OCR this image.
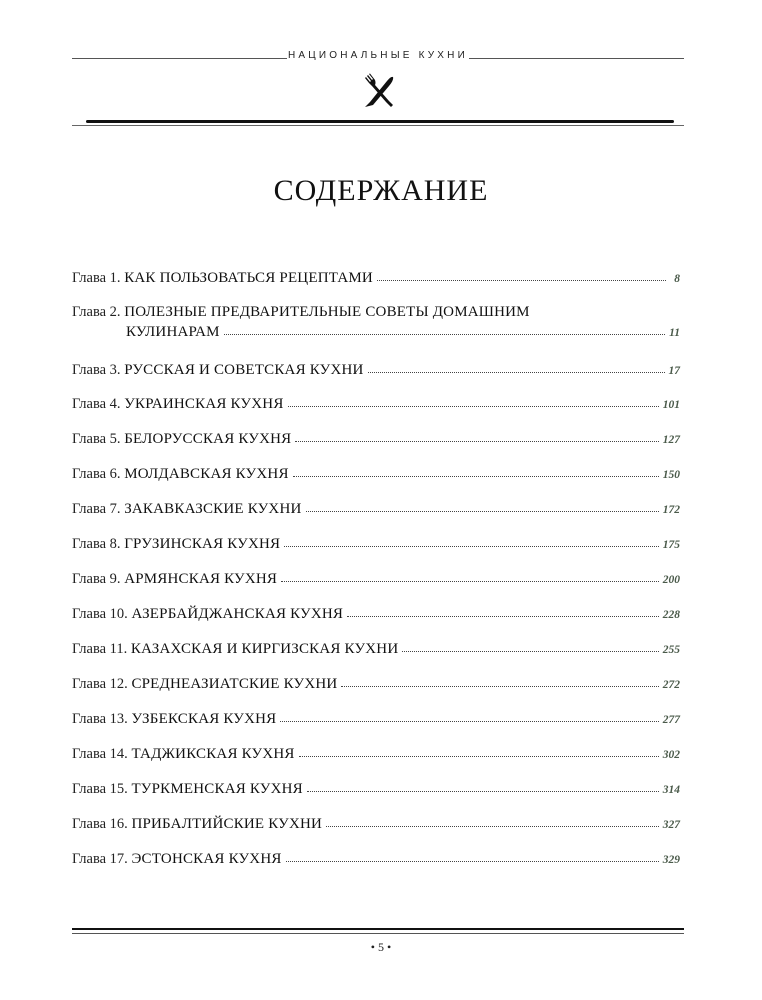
НАЦИОНАЛЬНЫЕ КУХНИ
СОДЕРЖАНИЕ
Глава 1.
КАК ПОЛЬЗОВАТЬСЯ РЕЦЕПТАМИ	8
Глава 2.
ПОЛЕЗНЫЕ ПРЕДВАРИТЕЛЬНЫЕ СОВЕТЫ ДОМАШНИМ
КУЛИНАРАМ	11
Глава 3.
РУССКАЯ И СОВЕТСКАЯ КУХНИ	17
Глава 4.
УКРАИНСКАЯ КУХНЯ	101
Глава 5.
БЕЛОРУССКАЯ КУХНЯ	127
Глава 6.
МОЛДАВСКАЯ КУХНЯ	150
Глава 7.
ЗАКАВКАЗСКИЕ КУХНИ	172
Глава 8.
ГРУЗИНСКАЯ КУХНЯ	175
Глава 9.
АРМЯНСКАЯ КУХНЯ	200
Глава 10.
АЗЕРБАЙДЖАНСКАЯ КУХНЯ	228
Глава 11.
КАЗАХСКАЯ И КИРГИЗСКАЯ КУХНИ	255
Глава 12.
СРЕДНЕАЗИАТСКИЕ КУХНИ	272
Глава 13.
УЗБЕКСКАЯ КУХНЯ	277
Глава 14.
ТАДЖИКСКАЯ КУХНЯ	302
Глава 15.
ТУРКМЕНСКАЯ КУХНЯ	314
Глава 16.
ПРИБАЛТИЙСКИЕ КУХНИ	327
Глава 17.
ЭСТОНСКАЯ КУХНЯ	329
• 5 •
